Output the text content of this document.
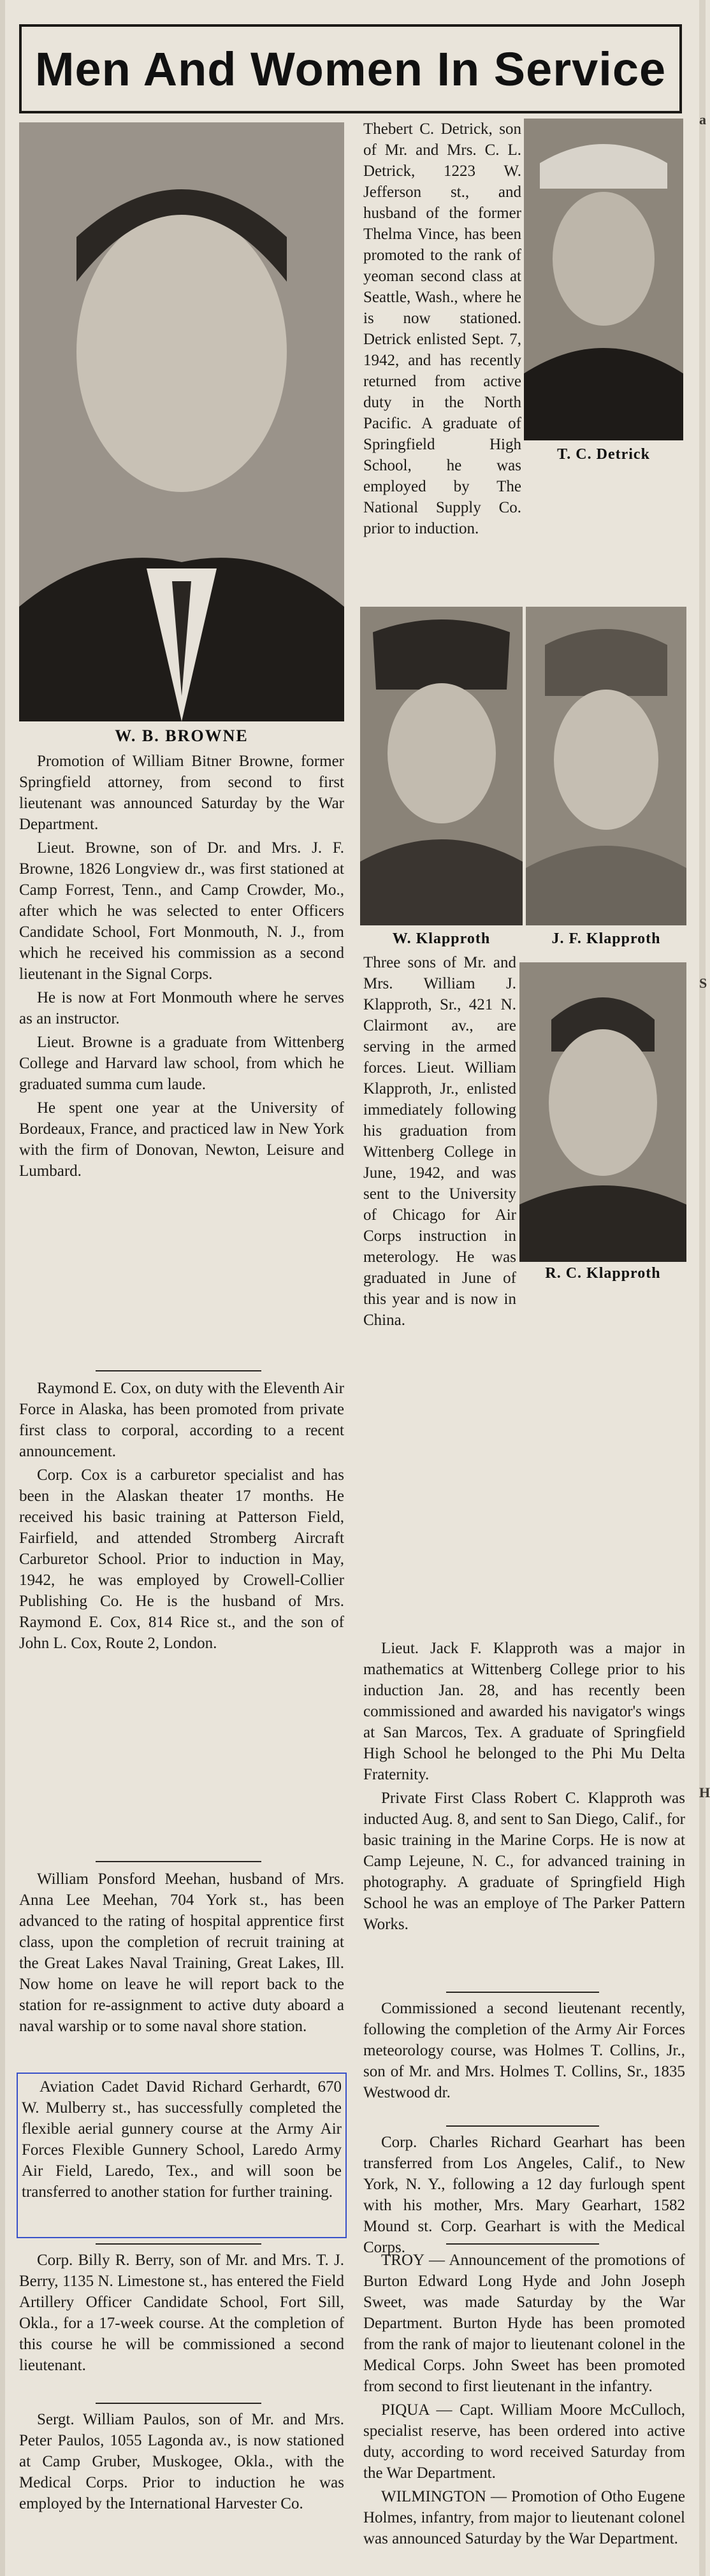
a
S
H
Men And Women In Service
W. B. BROWNE

Promotion of William Bitner Browne, former Springfield attorney, from second to first lieutenant was announced Saturday by the War Department.

Lieut. Browne, son of Dr. and Mrs. J. F. Browne, 1826 Longview dr., was first stationed at Camp Forrest, Tenn., and Camp Crowder, Mo., after which he was selected to enter Officers Candidate School, Fort Monmouth, N. J., from which he received his commission as a second lieutenant in the Signal Corps.

He is now at Fort Monmouth where he serves as an instructor.

Lieut. Browne is a graduate from Wittenberg College and Harvard law school, from which he graduated summa cum laude.

He spent one year at the University of Bordeaux, France, and practiced law in New York with the firm of Donovan, Newton, Leisure and Lumbard.

Raymond E. Cox, on duty with the Eleventh Air Force in Alaska, has been promoted from private first class to corporal, according to a recent announcement.

Corp. Cox is a carburetor specialist and has been in the Alaskan theater 17 months. He received his basic training at Patterson Field, Fairfield, and attended Stromberg Aircraft Carburetor School. Prior to induction in May, 1942, he was employed by Crowell-Collier Publishing Co. He is the husband of Mrs. Raymond E. Cox, 814 Rice st., and the son of John L. Cox, Route 2, London.

William Ponsford Meehan, husband of Mrs. Anna Lee Meehan, 704 York st., has been advanced to the rating of hospital apprentice first class, upon the completion of recruit training at the Great Lakes Naval Training, Great Lakes, Ill. Now home on leave he will report back to the station for re-assignment to active duty aboard a naval warship or to some naval shore station.

Aviation Cadet David Richard Gerhardt, 670 W. Mulberry st., has successfully completed the flexible aerial gunnery course at the Army Air Forces Flexible Gunnery School, Laredo Army Air Field, Laredo, Tex., and will soon be transferred to another station for further training.

Corp. Billy R. Berry, son of Mr. and Mrs. T. J. Berry, 1135 N. Limestone st., has entered the Field Artillery Officer Candidate School, Fort Sill, Okla., for a 17-week course. At the completion of this course he will be commissioned a second lieutenant.

Sergt. William Paulos, son of Mr. and Mrs. Peter Paulos, 1055 Lagonda av., is now stationed at Camp Gruber, Muskogee, Okla., with the Medical Corps. Prior to induction he was employed by the International Harvester Co.

T. C. Detrick

Thebert C. Detrick, son of Mr. and Mrs. C. L. Detrick, 1223 W. Jefferson st., and husband of the former Thelma Vince, has been promoted to the rank of yeoman second class at Seattle, Wash., where he is now stationed. Detrick enlisted Sept. 7, 1942, and has recently returned from active duty in the North Pacific. A graduate of Springfield High School, he was employed by The National Supply Co. prior to induction.

W. Klapproth	J. F. Klapproth
R. C. Klapproth

Three sons of Mr. and Mrs. William J. Klapproth, Sr., 421 N. Clairmont av., are serving in the armed forces. Lieut. William Klapproth, Jr., enlisted immediately following his graduation from Wittenberg College in June, 1942, and was sent to the University of Chicago for Air Corps instruction in meterology. He was graduated in June of this year and is now in China.

Lieut. Jack F. Klapproth was a major in mathematics at Wittenberg College prior to his induction Jan. 28, and has recently been commissioned and awarded his navigator's wings at San Marcos, Tex. A graduate of Springfield High School he belonged to the Phi Mu Delta Fraternity.

Private First Class Robert C. Klapproth was inducted Aug. 8, and sent to San Diego, Calif., for basic training in the Marine Corps. He is now at Camp Lejeune, N. C., for advanced training in photography. A graduate of Springfield High School he was an employe of The Parker Pattern Works.

Commissioned a second lieutenant recently, following the completion of the Army Air Forces meteorology course, was Holmes T. Collins, Jr., son of Mr. and Mrs. Holmes T. Collins, Sr., 1835 Westwood dr.

Corp. Charles Richard Gearhart has been transferred from Los Angeles, Calif., to New York, N. Y., following a 12 day furlough spent with his mother, Mrs. Mary Gearhart, 1582 Mound st. Corp. Gearhart is with the Medical Corps.

TROY — Announcement of the promotions of Burton Edward Long Hyde and John Joseph Sweet, was made Saturday by the War Department. Burton Hyde has been promoted from the rank of major to lieutenant colonel in the Medical Corps. John Sweet has been promoted from second to first lieutenant in the infantry.

PIQUA — Capt. William Moore McCulloch, specialist reserve, has been ordered into active duty, according to word received Saturday from the War Department.

WILMINGTON — Promotion of Otho Eugene Holmes, infantry, from major to lieutenant colonel was announced Saturday by the War Department.
